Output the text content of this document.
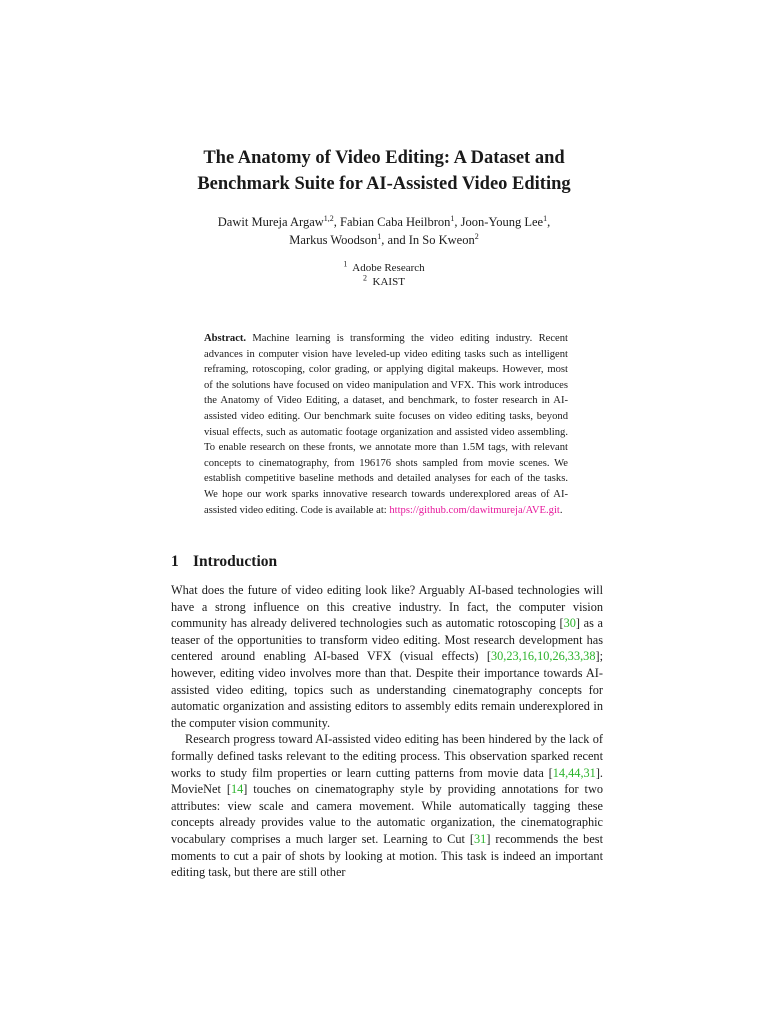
The Anatomy of Video Editing: A Dataset and
Benchmark Suite for AI-Assisted Video Editing
Dawit Mureja Argaw$^{1,2}$, Fabian Caba Heilbron$^1$, Joon-Young Lee$^1$,
Markus Woodson$^1$, and In So Kweon$^2$
$^1$ Adobe Research
$^2$ KAIST
Abstract. Machine learning is transforming the video editing industry. Recent advances in computer vision have leveled-up video editing tasks such as intelligent reframing, rotoscoping, color grading, or applying digital makeups. However, most of the solutions have focused on video manipulation and VFX. This work introduces the Anatomy of Video Editing, a dataset, and benchmark, to foster research in AI-assisted video editing. Our benchmark suite focuses on video editing tasks, beyond visual effects, such as automatic footage organization and assisted video assembling. To enable research on these fronts, we annotate more than 1.5M tags, with relevant concepts to cinematography, from 196176 shots sampled from movie scenes. We establish competitive baseline methods and detailed analyses for each of the tasks. We hope our work sparks innovative research towards underexplored areas of AI-assisted video editing. Code is available at: https://github.com/dawitmureja/AVE.git.
1 Introduction

What does the future of video editing look like? Arguably AI-based technologies will have a strong influence on this creative industry. In fact, the computer vision community has already delivered technologies such as automatic rotoscoping [30] as a teaser of the opportunities to transform video editing. Most research development has centered around enabling AI-based VFX (visual effects) [30,23,16,10,26,33,38]; however, editing video involves more than that. Despite their importance towards AI-assisted video editing, topics such as understanding cinematography concepts for automatic organization and assisting editors to assembly edits remain underexplored in the computer vision community.

Research progress toward AI-assisted video editing has been hindered by the lack of formally defined tasks relevant to the editing process. This observation sparked recent works to study film properties or learn cutting patterns from movie data [14,44,31]. MovieNet [14] touches on cinematography style by providing annotations for two attributes: view scale and camera movement. While automatically tagging these concepts already provides value to the automatic organization, the cinematographic vocabulary comprises a much larger set. Learning to Cut [31] recommends the best moments to cut a pair of shots by looking at motion. This task is indeed an important editing task, but there are still other
